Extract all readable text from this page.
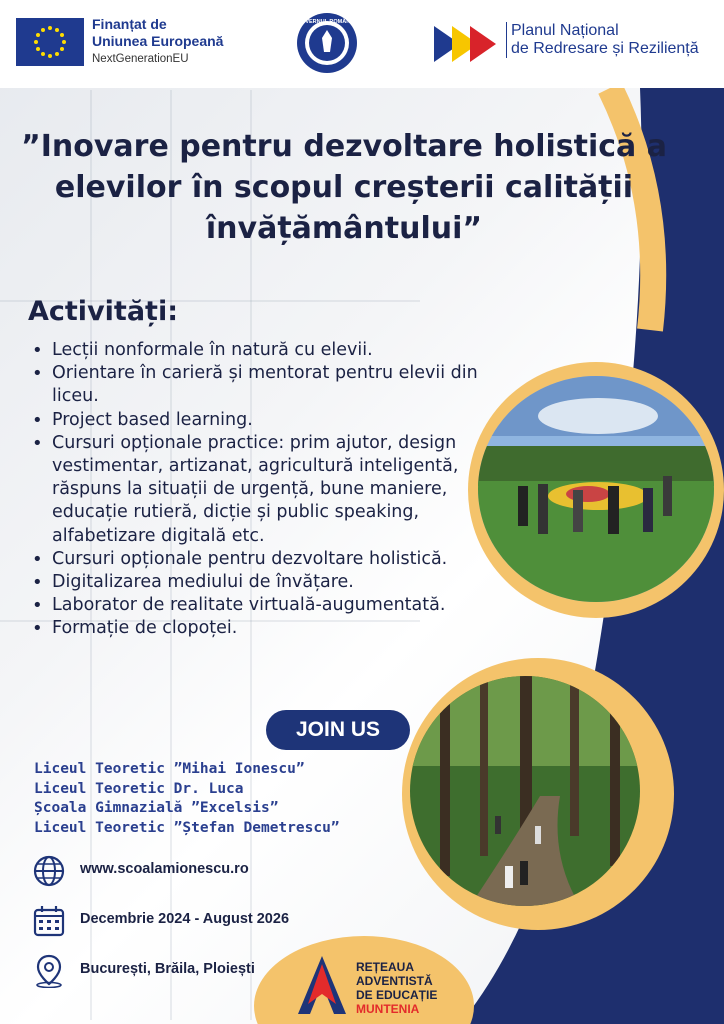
Finanțat de
Uniunea Europeană
NextGenerationEU
GUVERNUL ROMÂNIEI	Planul Național
de Redresare și Reziliență
”Inovare pentru dezvoltare holistică a elevilor în scopul creșterii calității învățământului”
Activități:
• Lecții nonformale în natură cu elevii.
• Orientare în carieră și mentorat pentru elevii din liceu.
• Project based learning.
• Cursuri opționale practice: prim ajutor, design vestimentar, artizanat, agricultură inteligentă, răspuns la situații de urgență, bune maniere, educație rutieră, dicție și public speaking, alfabetizare digitală etc.
• Cursuri opționale pentru dezvoltare holistică.
• Digitalizarea mediului de învățare.
• Laborator de realitate virtuală-augumentată.
• Formație de clopoței.
JOIN US
Liceul Teoretic ”Mihai Ionescu”
Liceul Teoretic Dr. Luca
Școala Gimnazială ”Excelsis”
Liceul Teoretic ”Ștefan Demetrescu”
www.scoalamionescu.ro
Decembrie 2024 - August 2026
București, Brăila, Ploiești	REȚEAUA
ADVENTISTĂ
DE EDUCAȚIE
MUNTENIA
